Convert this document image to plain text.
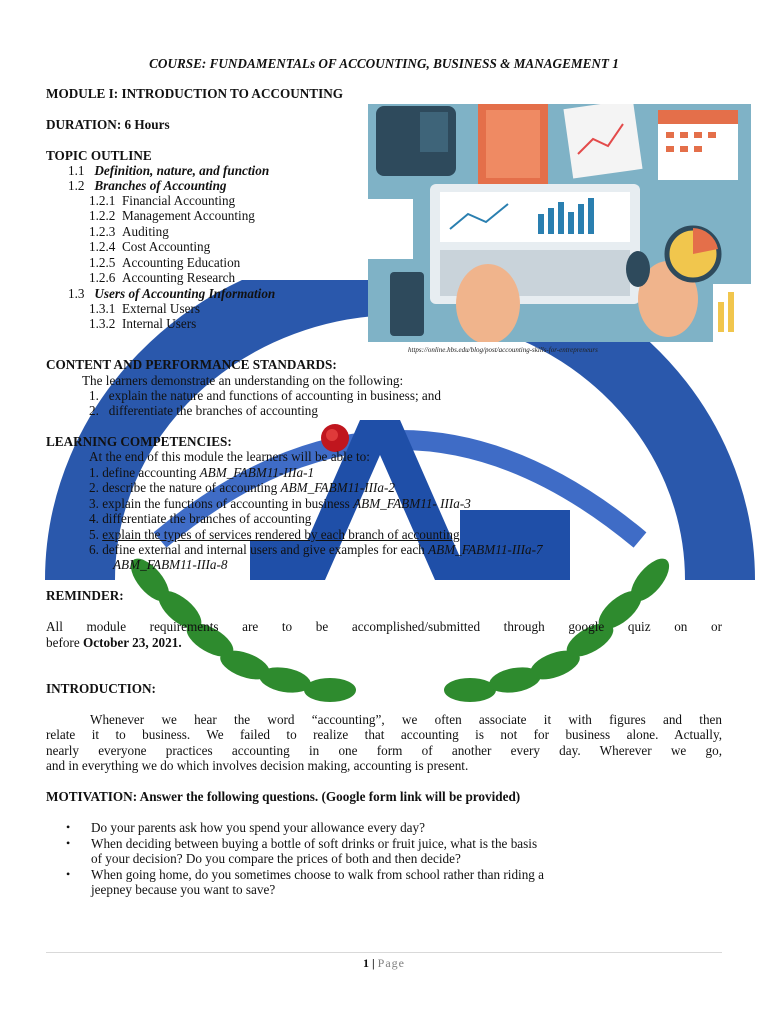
COURSE: FUNDAMENTALs OF ACCOUNTING, BUSINESS & MANAGEMENT 1
MODULE I: INTRODUCTION TO ACCOUNTING
DURATION: 6 Hours
TOPIC OUTLINE
1.1 Definition, nature, and function
1.2 Branches of Accounting
1.2.1 Financial Accounting
1.2.2 Management Accounting
1.2.3 Auditing
1.2.4 Cost Accounting
1.2.5 Accounting Education
1.2.6 Accounting Research
1.3 Users of Accounting Information
1.3.1 External Users
1.3.2 Internal Users
https://online.hbs.edu/blog/post/accounting-skills-for-entrepreneurs
CONTENT AND PERFORMANCE STANDARDS:
The learners demonstrate an understanding on the following:
1. explain the nature and functions of accounting in business; and
2. differentiate the branches of accounting
LEARNING COMPETENCIES:
At the end of this module the learners will be able to:
1. define accounting ABM_FABM11-IIIa-1
2. describe the nature of accounting ABM_FABM11-IIIa-2
3. explain the functions of accounting in business ABM_FABM11- IIIa-3
4. differentiate the branches of accounting
5. explain the types of services rendered by each branch of accounting
6. define external and internal users and give examples for each ABM_FABM11-IIIa-7
ABM_FABM11-IIIa-8
REMINDER:
All module requirements are to be accomplished/submitted through google quiz on or
before October 23, 2021.
INTRODUCTION:
Whenever we hear the word “accounting”, we often associate it with figures and then
relate it to business. We failed to realize that accounting is not for business alone. Actually,
nearly everyone practices accounting in one form of another every day. Wherever we go,
and in everything we do which involves decision making, accounting is present.
MOTIVATION: Answer the following questions. (Google form link will be provided)
• Do your parents ask how you spend your allowance every day?
• When deciding between buying a bottle of soft drinks or fruit juice, what is the basis
of your decision? Do you compare the prices of both and then decide?
• When going home, do you sometimes choose to walk from school rather than riding a
jeepney because you want to save?
1 | Page
